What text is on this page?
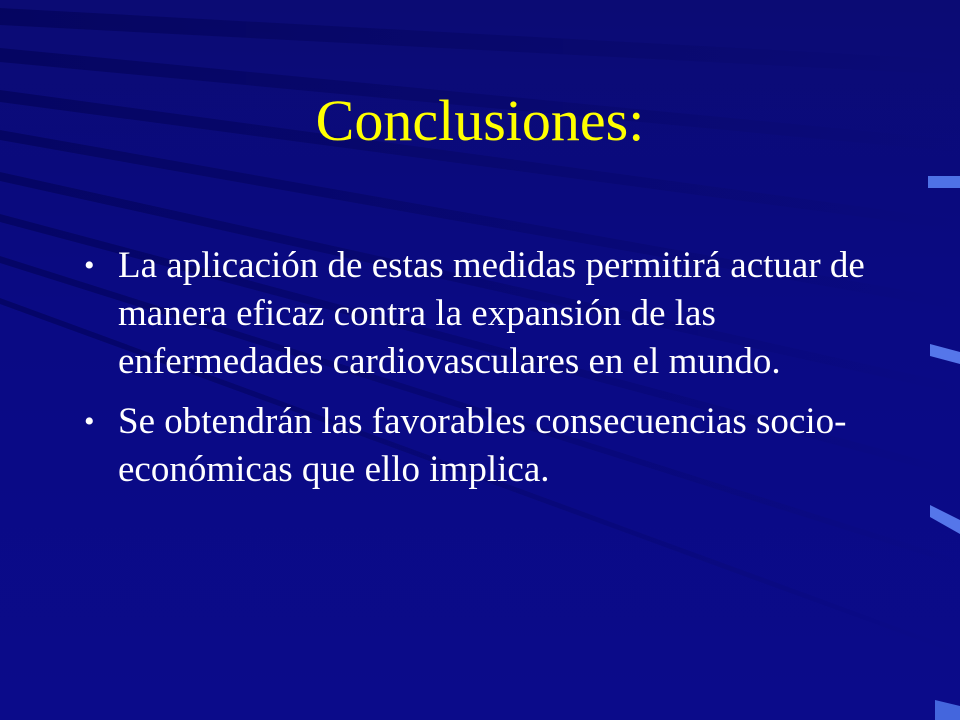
Conclusiones:
• La aplicación de estas medidas permitirá actuar de manera eficaz contra la expansión de las enfermedades cardiovasculares en el mundo.
• Se obtendrán las favorables consecuencias socio-económicas que ello implica.
